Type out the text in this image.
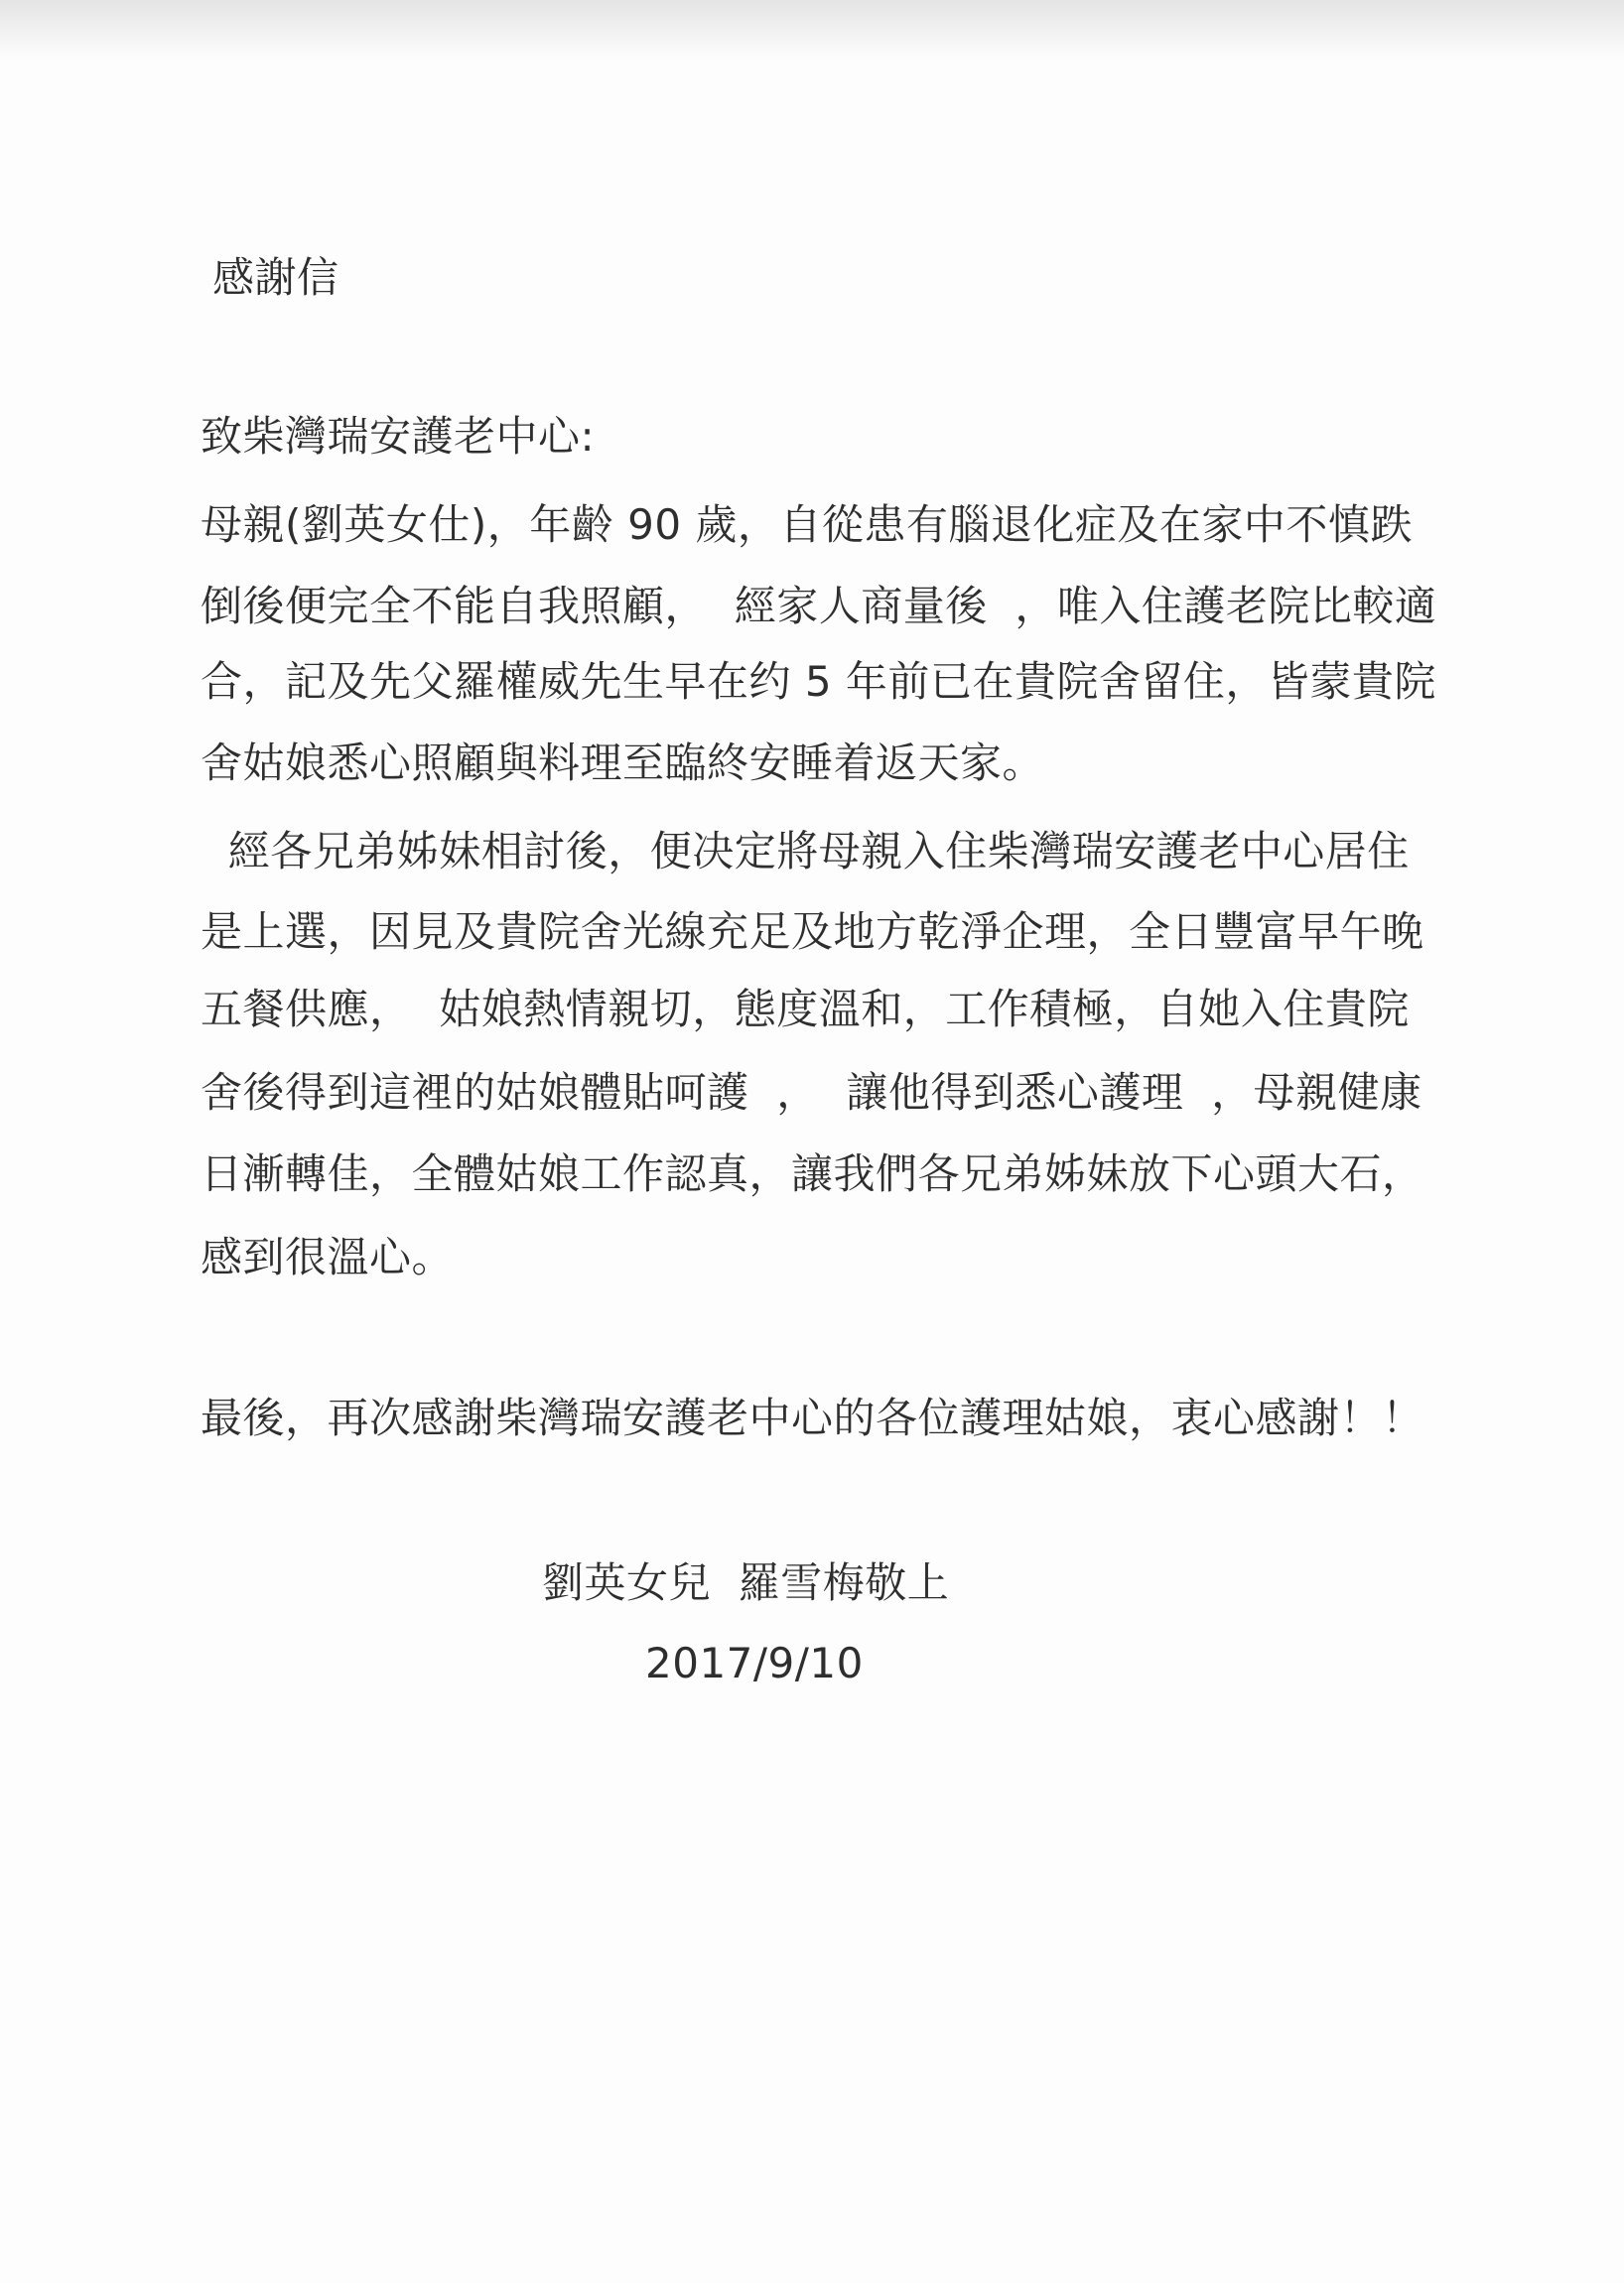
感謝信
致柴灣瑞安護老中心:
母親(劉英女仕)，年齡 90 歲，自從患有腦退化症及在家中不慎跌
倒後便完全不能自我照顧，  經家人商量後  ，唯入住護老院比較適
合，記及先父羅權威先生早在约 5 年前已在貴院舍留住，皆蒙貴院
舍姑娘悉心照顧與料理至臨終安睡着返天家。
經各兄弟姊妹相討後，便决定將母親入住柴灣瑞安護老中心居住
是上選，因見及貴院舍光線充足及地方乾淨企理，全日豐富早午晚
五餐供應，  姑娘熱情親切，態度溫和，工作積極，自她入住貴院
舍後得到這裡的姑娘體貼呵護  ，  讓他得到悉心護理  ，母親健康
日漸轉佳，全體姑娘工作認真，讓我們各兄弟姊妹放下心頭大石，
感到很溫心。
最後，再次感謝柴灣瑞安護老中心的各位護理姑娘，衷心感謝！！
劉英女兒  羅雪梅敬上
2017/9/10
